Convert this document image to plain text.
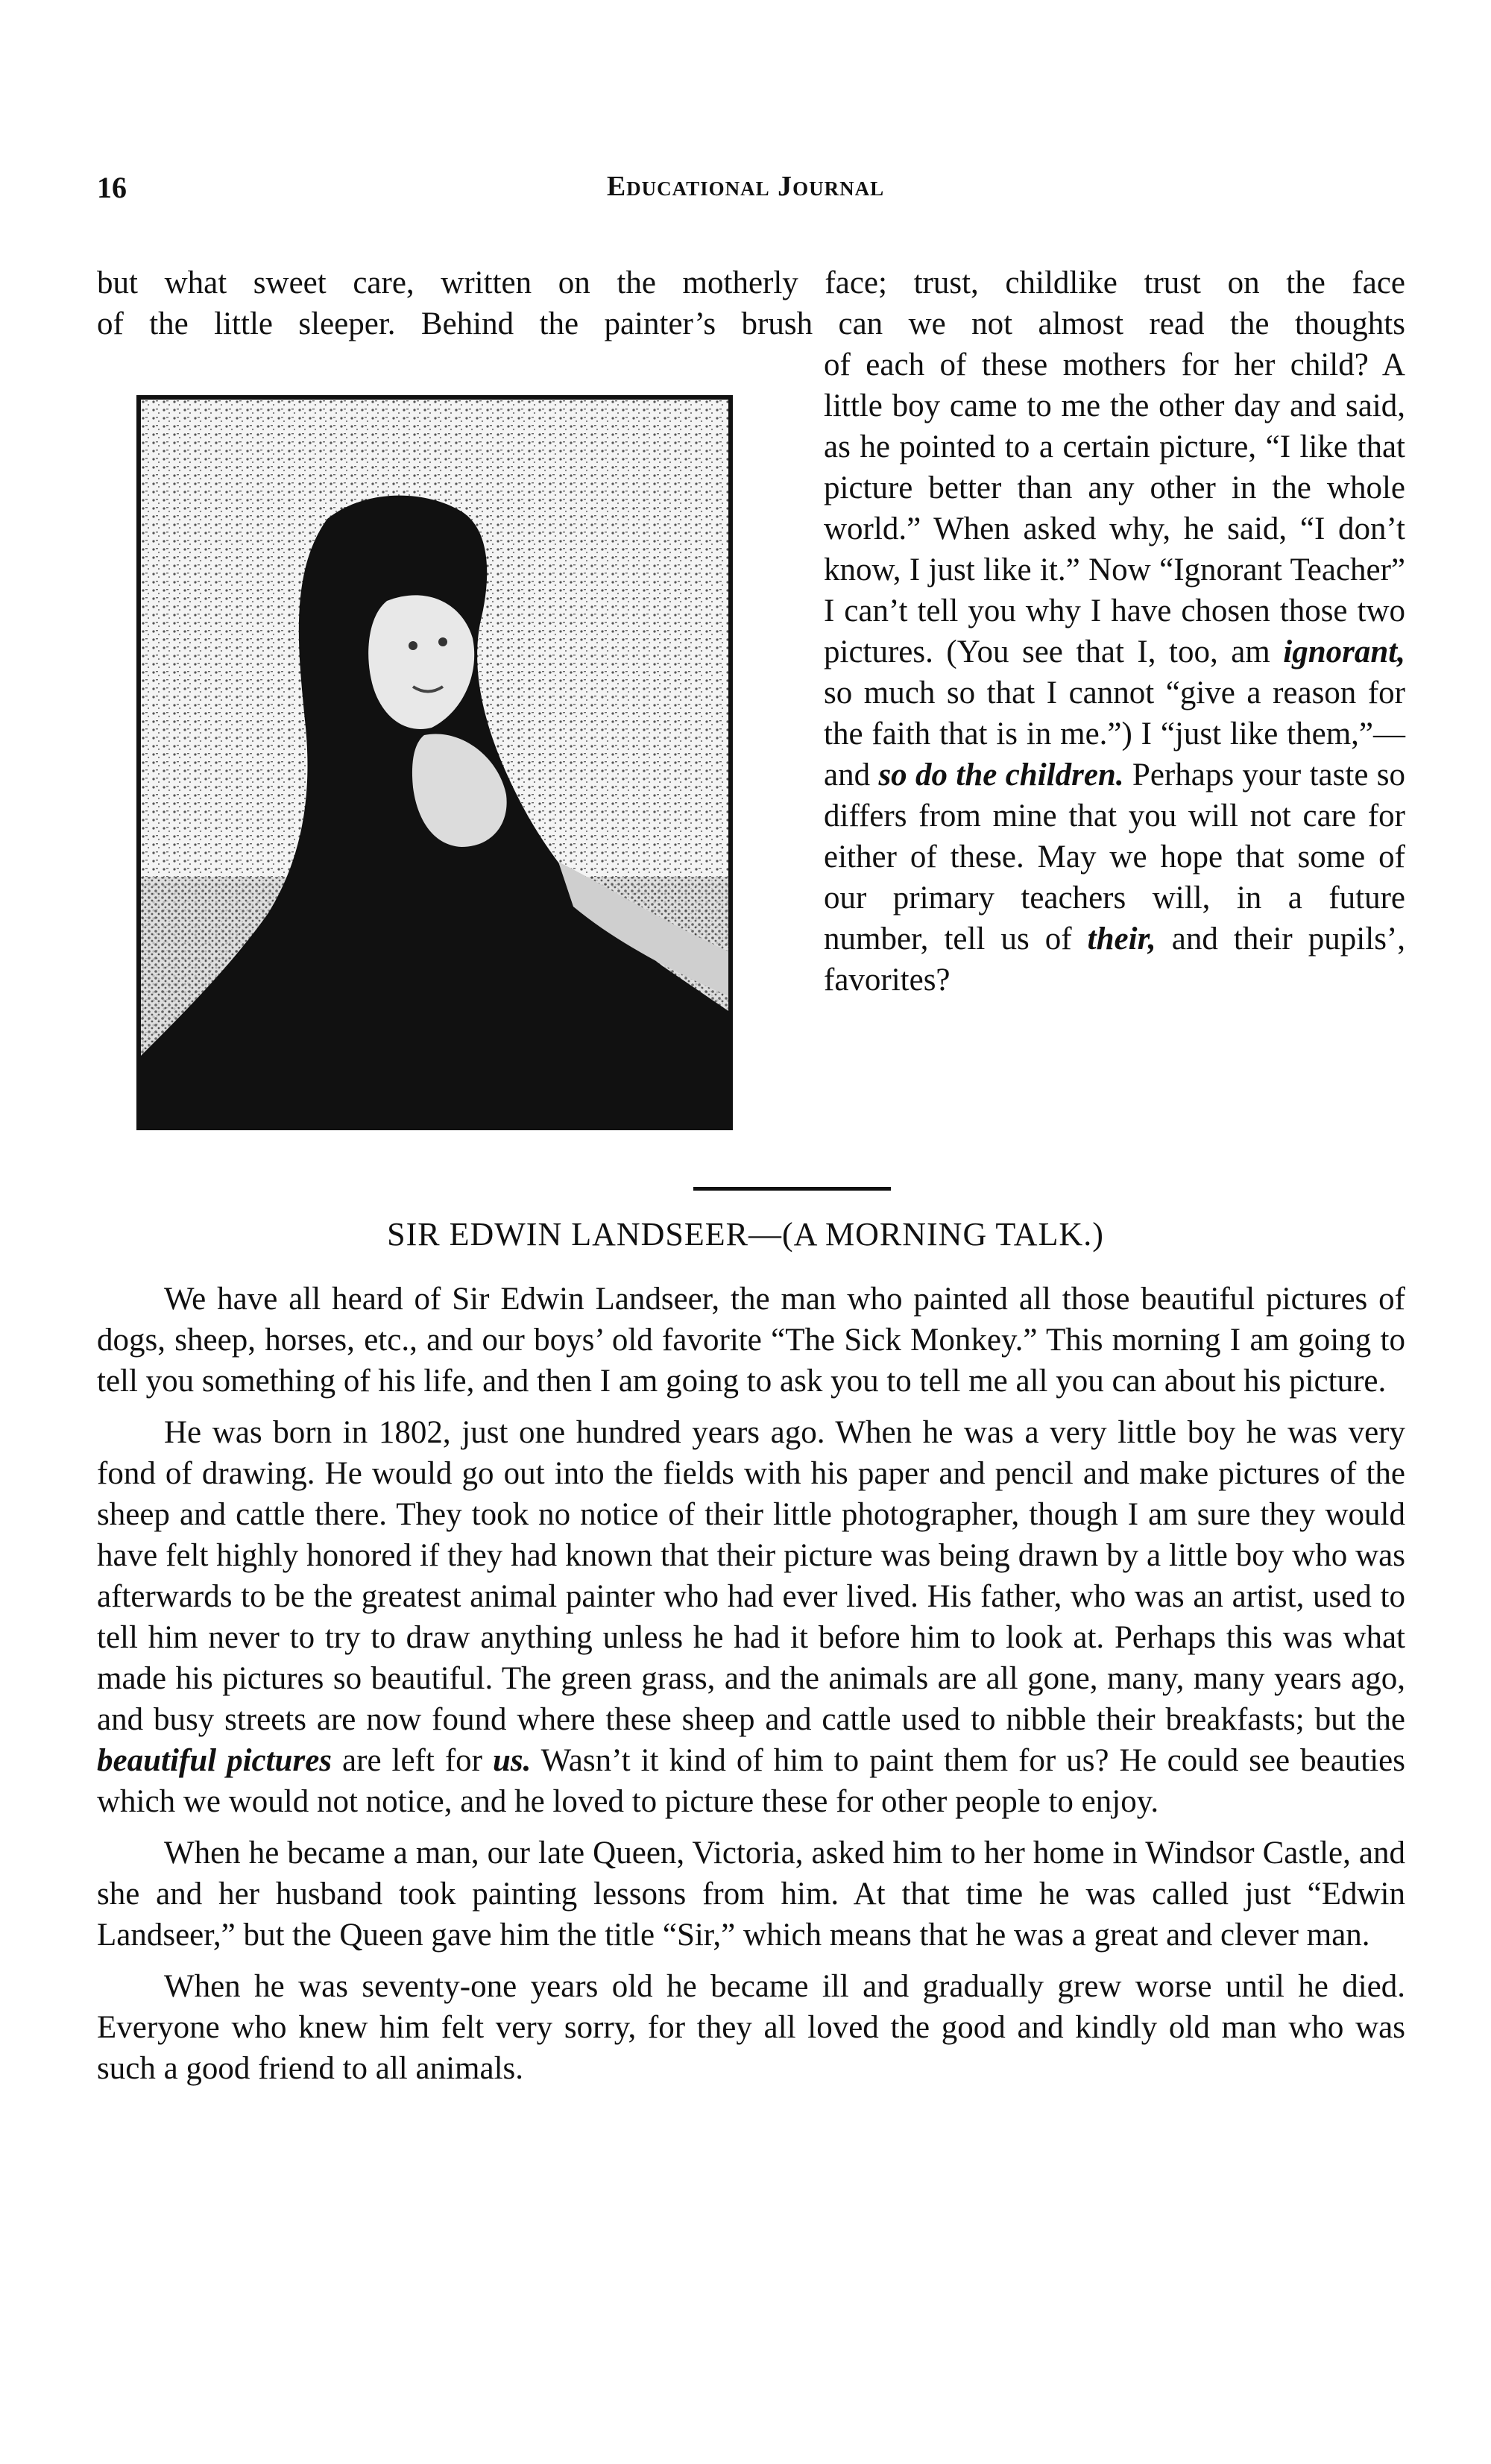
16	Educational Journal

but what sweet care, written on the motherly face; trust, childlike trust on the face

of the little sleeper. Behind the painter’s brush can we not almost read the thoughts

of each of these mothers for her child? A little boy came to me the other day and said, as he pointed to a certain picture, “I like that picture better than any other in the whole world.” When asked why, he said, “I don’t know, I just like it.” Now “Ignorant Teacher” I can’t tell you why I have chosen those two pictures. (You see that I, too, am ignorant, so much so that I cannot “give a reason for the faith that is in me.”) I “just like them,”—and so do the children. Perhaps your taste so differs from mine that you will not care for either of these. May we hope that some of our primary teachers will, in a future number, tell us of their, and their pupils’, favorites?

SIR EDWIN LANDSEER—(A MORNING TALK.)

We have all heard of Sir Edwin Landseer, the man who painted all those beautiful pictures of dogs, sheep, horses, etc., and our boys’ old favorite “The Sick Monkey.” This morning I am going to tell you something of his life, and then I am going to ask you to tell me all you can about his picture.

He was born in 1802, just one hundred years ago. When he was a very little boy he was very fond of drawing. He would go out into the fields with his paper and pencil and make pictures of the sheep and cattle there. They took no notice of their little photographer, though I am sure they would have felt highly honored if they had known that their picture was being drawn by a little boy who was afterwards to be the greatest animal painter who had ever lived. His father, who was an artist, used to tell him never to try to draw anything unless he had it before him to look at. Perhaps this was what made his pictures so beautiful. The green grass, and the animals are all gone, many, many years ago, and busy streets are now found where these sheep and cattle used to nibble their breakfasts; but the beautiful pictures are left for us. Wasn’t it kind of him to paint them for us? He could see beauties which we would not notice, and he loved to picture these for other people to enjoy.

When he became a man, our late Queen, Victoria, asked him to her home in Windsor Castle, and she and her husband took painting lessons from him. At that time he was called just “Edwin Landseer,” but the Queen gave him the title “Sir,” which means that he was a great and clever man.

When he was seventy-one years old he became ill and gradually grew worse until he died. Everyone who knew him felt very sorry, for they all loved the good and kindly old man who was such a good friend to all animals.
